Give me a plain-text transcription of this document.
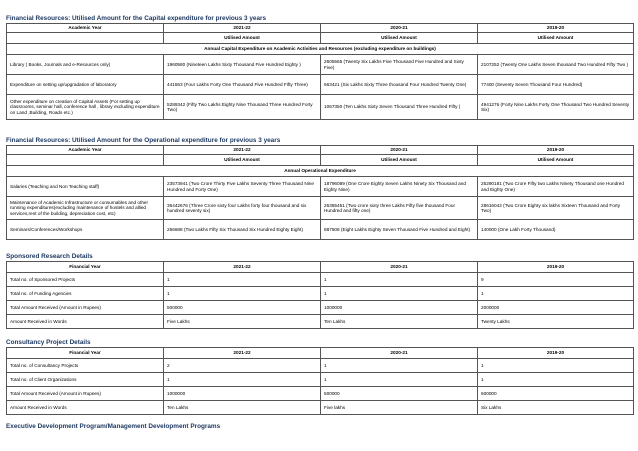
Financial Resources: Utilised Amount for the Capital expenditure for previous 3 years
Academic Year	2021-22	2020-21	2019-20
	Utilised Amount	Utilised Amount	Utilised Amount
Annual Capital Expenditure on Academic Activities and Resources (excluding expenditure on buildings)			
Library ( Books, Journals and e-Resources only)	1960580 (Nineteen Lakhs Sixty Thousand Five Hundred Eighty )	2605565 (Twenty Six Lakhs Five Thousand Five Hundred and Sixty Five)	2107252 (Twenty One Lakhs Seven thousand Two Hundred Fifty Two )
Expenditure on setting up/upgradation of laboratory	441553 (Four Lakhs Forty One Thousand Five Hundred Fifty Three)	663421 (Six Lakhs Sixty Three thousand Four Hundred Twenty One)	77400 (Seventy Seven Thousand Four Hundred)
Other expenditure on creation of Capital Assets (For setting up classrooms, seminar hall, conference hall , library excluding expenditure on Land ,Building, Roads etc.)	5289342 (Fifty Two Lakhs Eighty Nine Thousand Three Hundred Forty Two)	1067350 (Ten Lakhs Sixty Seven Thousand Three Hundred Fifty )	4941276 (Forty Nine Lakhs Forty One Thousand Two Hundred Seventy Six)
Financial Resources: Utilised Amount for the Operational expenditure for previous 3 years
Academic Year	2021-22	2020-21	2019-20
	Utilised Amount	Utilised Amount	Utilised Amount
Annual Operational Expenditure			
Salaries (Teaching and Non Teaching staff)	23573941 (Two Crore Thirty Five Lakhs Seventy Three Thousand Nine Hundred and Forty One)	18796089 (One Crore Eighty Seven Lakhs Ninety Six Thousand and Eighty Nine)	25290181 (Two Crore Fifty two Lakhs Ninety Thousand one Hundred and Eighty One)
Maintenance of Academic Infrastructure or consumables and other running expenditures(excluding maintenance of hostels and allied services,rent of the building, depreciation cost, etc)	36442676 (Three Crore sixty four Lakhs forty four thousand and six hundred seventy six)	26355451 (Two crore sixty three Lakhs Fifty five thousand Four Hundred and fifty one)	28616042 (Two Crore Eighty six lakhs Sixteen Thousand and Forty Two)
Seminars/Conferences/Workshops	256688 (Two Lakhs Fifty Six Thousand Six Hundred Eighty Eight)	887508 (Eight Lakhs Eighty Seven Thousand Five Hundred and Eight)	140000 (One Lakh Forty Thousand)
Sponsored Research Details
Financial Year	2021-22	2020-21	2019-20
Total no. of Sponsored Projects	1	1	9
Total no. of Funding Agencies	1	1	1
Total Amount Received (Amount in Rupees)	500000	1000000	2000000
Amount Received in Words	Five Lakhs	Ten Lakhs	Twenty Lakhs
Consultancy Project Details
Financial Year	2021-22	2020-21	2019-20
Total no. of Consultancy Projects	2	1	1
Total no. of Client Organizations	1	1	1
Total Amount Received (Amount in Rupees)	1000000	500000	600000
Amount Received in Words	Ten Lakhs	Five lakhs	Six Lakhs
Executive Development Program/Management Development Programs
